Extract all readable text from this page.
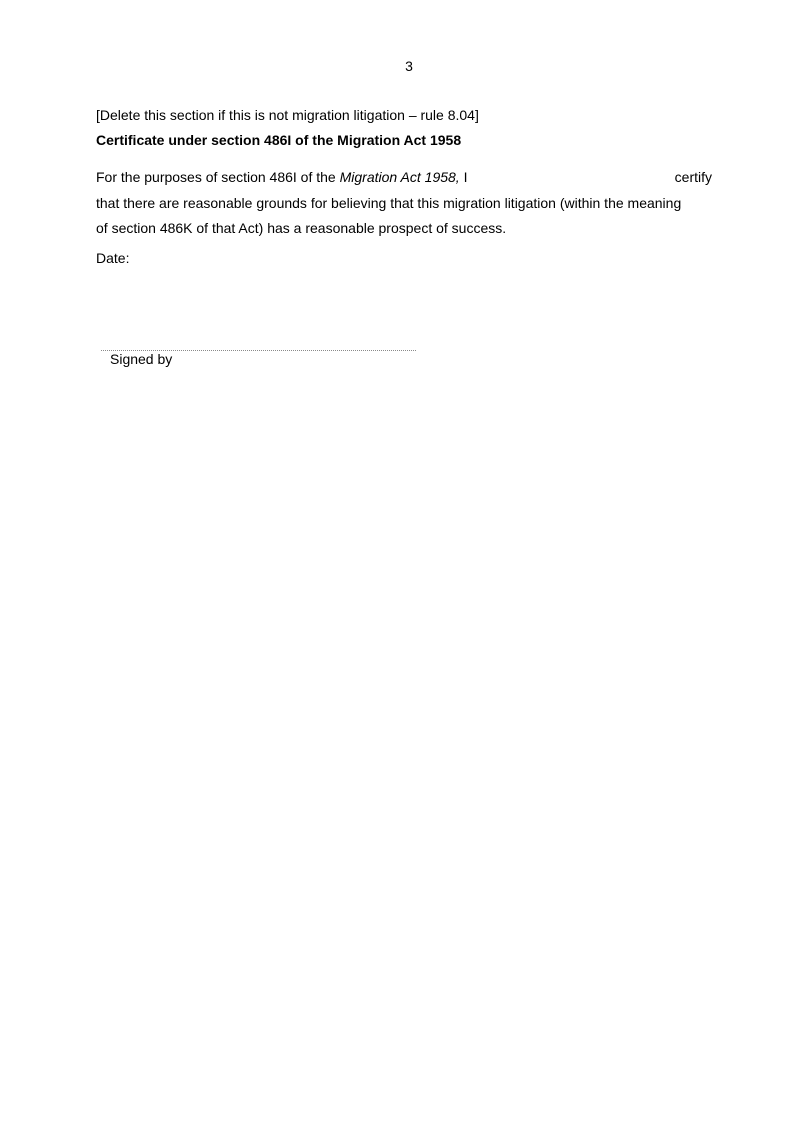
3
[Delete this section if this is not migration litigation – rule 8.04]
Certificate under section 486I of the Migration Act 1958
For the purposes of section 486I of the Migration Act 1958, I	certify
that there are reasonable grounds for believing that this migration litigation (within the meaning
of section 486K of that Act) has a reasonable prospect of success.
Date:
Signed by
